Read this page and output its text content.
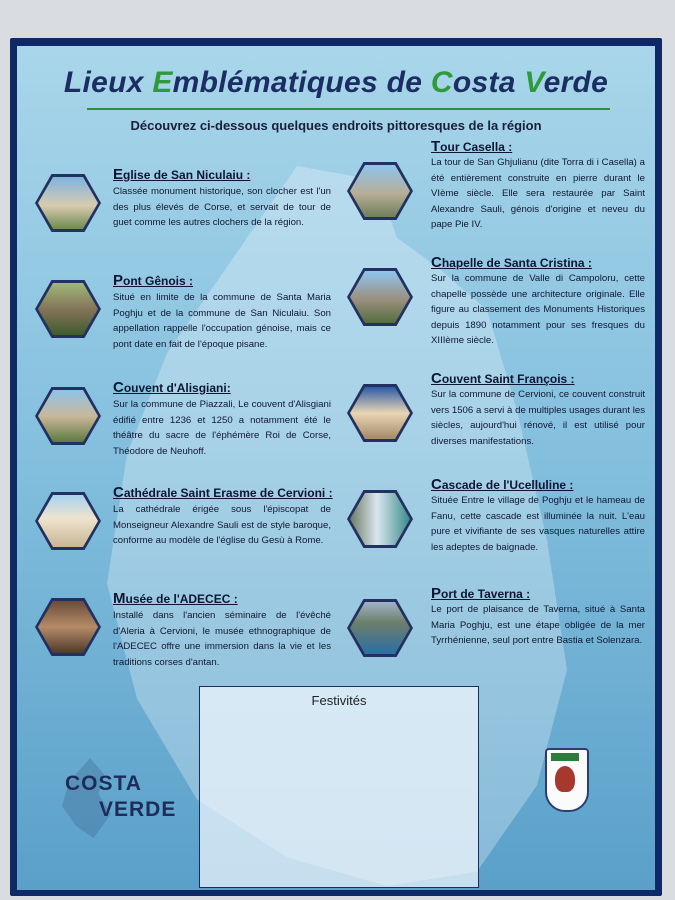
Lieux Emblématiques de Costa Verde
Découvrez ci-dessous quelques endroits pittoresques de la région
Eglise de San Niculaiu :
Classée monument historique, son clocher est l'un des plus élevés de Corse, et servait de tour de guet comme les autres clochers de la région.
Pont Gênois :
Situé en limite de la commune de Santa Maria Poghju et de la commune de San Niculaiu. Son appellation rappelle l'occupation génoise, mais ce pont date en fait de l'époque pisane.
Couvent d'Alisgiani:
Sur la commune de Piazzali, Le couvent d'Alisgiani édifié entre 1236 et 1250 a notamment été le théâtre du sacre de l'éphémère Roi de Corse, Théodore de Neuhoff.
Cathédrale Saint Erasme de Cervioni :
La cathédrale érigée sous l'épiscopat de Monseigneur Alexandre Sauli est de style baroque, conforme au modèle de l'église du Gesù à Rome.
Musée de l'ADECEC :
Installé dans l'ancien séminaire de l'évêché d'Aleria à Cervioni, le musée ethnographique de l'ADECEC offre une immersion dans la vie et les traditions corses d'antan.
Tour Casella :
La tour de San Ghjulianu (dite Torra di i Casella) a été entièrement construite en pierre durant le VIème siècle. Elle sera restaurée par Saint Alexandre Sauli, génois d'origine et neveu du pape Pie IV.
Chapelle de Santa Cristina :
Sur la commune de Valle di Campoloru, cette chapelle possède une architecture originale. Elle figure au classement des Monuments Historiques depuis 1890 notamment pour ses fresques du XIIIème siècle.
Couvent Saint François :
Sur la commune de Cervioni, ce couvent construit vers 1506 a servi à de multiples usages durant les siècles, aujourd'hui rénové, il est utilisé pour diverses manifestations.
Cascade de l'Ucelluline :
Située Entre le village de Poghju et le hameau de Fanu, cette cascade est illuminée la nuit. L'eau pure et vivifiante de ses vasques naturelles attire les adeptes de baignade.
Port de Taverna :
Le port de plaisance de Taverna, situé à Santa Maria Poghju, est une étape obligée de la mer Tyrrhénienne, seul port entre Bastia et Solenzara.
Festivités
COSTA
VERDE
